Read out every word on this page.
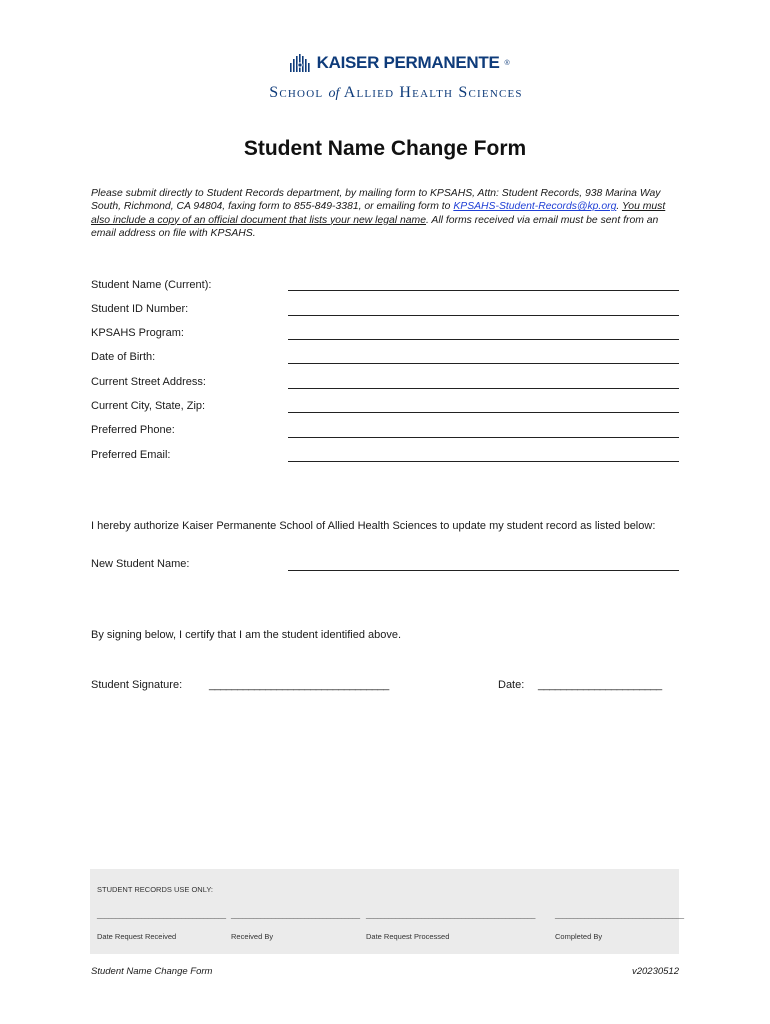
KAISER PERMANENTE ®
School of Allied Health Sciences
Student Name Change Form
Please submit directly to Student Records department, by mailing form to KPSAHS, Attn: Student Records, 938 Marina Way South, Richmond, CA 94804, faxing form to 855-849-3381, or emailing form to KPSAHS-Student-Records@kp.org. You must also include a copy of an official document that lists your new legal name. All forms received via email must be sent from an email address on file with KPSAHS.
Student Name (Current):
Student ID Number:
KPSAHS Program:
Date of Birth:
Current Street Address:
Current City, State, Zip:
Preferred Phone:
Preferred Email:
I hereby authorize Kaiser Permanente School of Allied Health Sciences to update my student record as listed below:
New Student Name:
By signing below, I certify that I am the student identified above.
Student Signature: ________________________________	Date: ______________________
STUDENT RECORDS USE ONLY:
___________________________________ ___________________________________ ______________________________________________	___________________________________
Date Request Received	Received By	Date Request Processed	Completed By
Student Name Change Form	v20230512
